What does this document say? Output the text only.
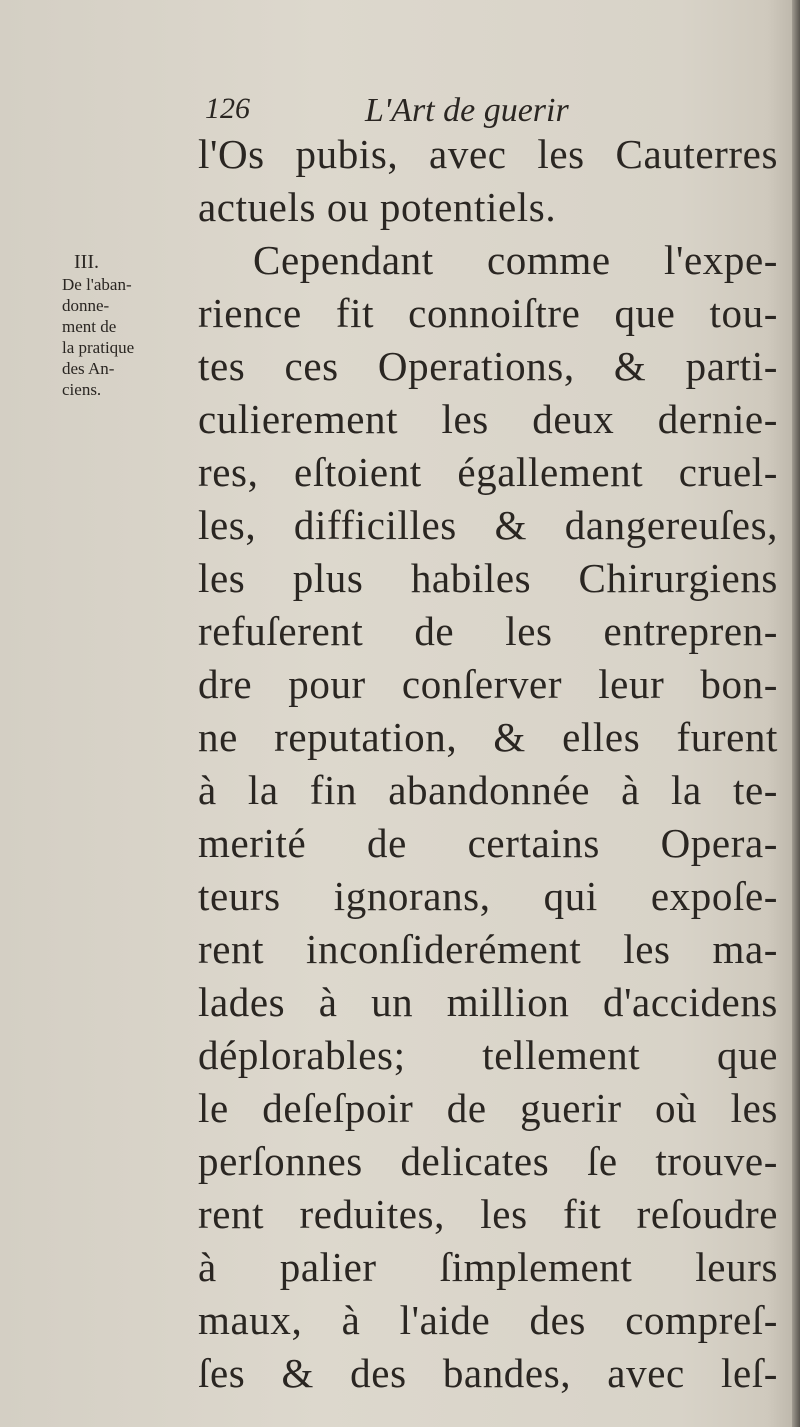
126	L'Art de guerir
III.
De l'aban-
donne-
ment de
la pratique
des An-
ciens.
l'Os pubis, avec les Cauterres
actuels ou potentiels.
Cependant comme l'expe-
rience fit connoiſtre que tou-
tes ces Operations, & parti-
culierement les deux dernie-
res, eſtoient égallement cruel-
les, difficilles & dangereuſes,
les plus habiles Chirurgiens
refuſerent de les entrepren-
dre pour conſerver leur bon-
ne reputation, & elles furent
à la fin abandonnée à la te-
merité de certains Opera-
teurs ignorans, qui expoſe-
rent inconſiderément les ma-
lades à un million d'accidens
déplorables; tellement que
le deſeſpoir de guerir où les
perſonnes delicates ſe trouve-
rent reduites, les fit reſoudre
à palier ſimplement leurs
maux, à l'aide des compreſ-
ſes & des bandes, avec leſ-
